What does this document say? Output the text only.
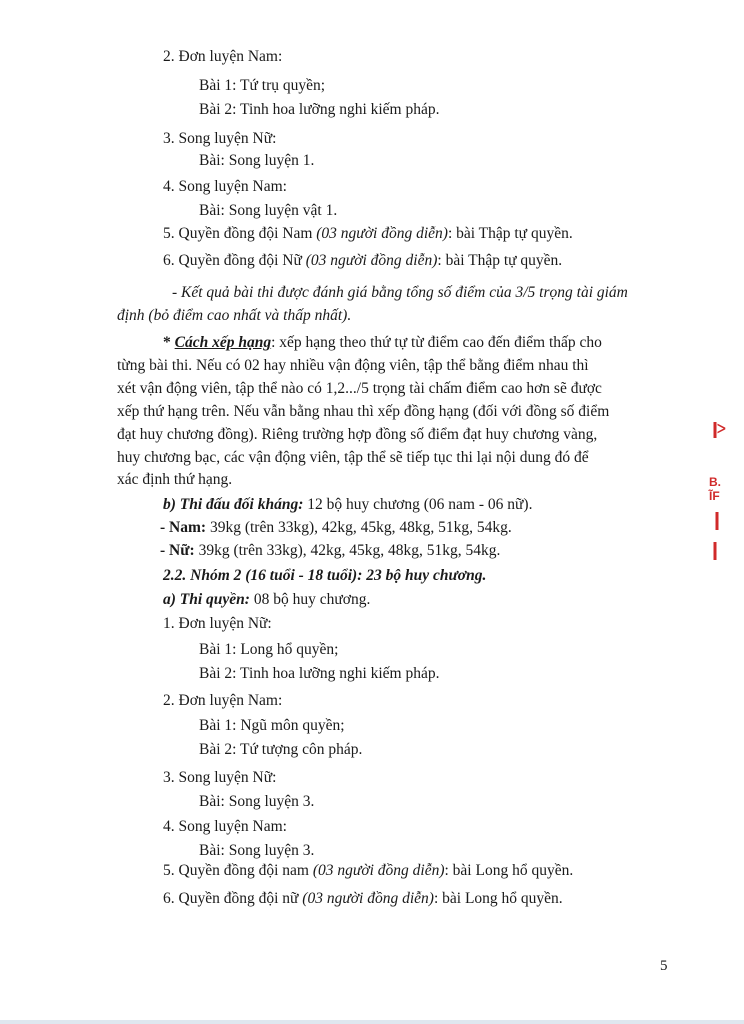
2. Đơn luyện Nam:
Bài 1: Tứ trụ quyền;
Bài 2: Tinh hoa lưỡng nghi kiếm pháp.
3. Song luyện Nữ:
Bài: Song luyện 1.
4. Song luyện Nam:
Bài: Song luyện vật 1.
5. Quyền đồng đội Nam (03 người đồng diễn): bài Thập tự quyền.
6. Quyền đồng đội Nữ (03 người đồng diễn): bài Thập tự quyền.
- Kết quả bài thi được đánh giá bằng tổng số điểm của 3/5 trọng tài giám
định (bỏ điểm cao nhất và thấp nhất).
* Cách xếp hạng: xếp hạng theo thứ tự từ điểm cao đến điểm thấp cho
từng bài thi. Nếu có 02 hay nhiều vận động viên, tập thể bằng điểm nhau thì
xét vận động viên, tập thể nào có 1,2.../5 trọng tài chấm điểm cao hơn sẽ được
xếp thứ hạng trên. Nếu vẫn bằng nhau thì xếp đồng hạng (đối với đồng số điểm
đạt huy chương đồng). Riêng trường hợp đồng số điểm đạt huy chương vàng,
huy chương bạc, các vận động viên, tập thể sẽ tiếp tục thi lại nội dung đó để
xác định thứ hạng.
b) Thi đấu đối kháng: 12 bộ huy chương (06 nam - 06 nữ).
- Nam: 39kg (trên 33kg), 42kg, 45kg, 48kg, 51kg, 54kg.
- Nữ: 39kg (trên 33kg), 42kg, 45kg, 48kg, 51kg, 54kg.
2.2. Nhóm 2 (16 tuổi - 18 tuổi): 23 bộ huy chương.
a) Thi quyền: 08 bộ huy chương.
1. Đơn luyện Nữ:
Bài 1: Long hổ quyền;
Bài 2: Tinh hoa lưỡng nghi kiếm pháp.
2. Đơn luyện Nam:
Bài 1: Ngũ môn quyền;
Bài 2: Tứ tượng côn pháp.
3. Song luyện Nữ:
Bài: Song luyện 3.
4. Song luyện Nam:
Bài: Song luyện 3.
5. Quyền đồng đội nam (03 người đồng diễn): bài Long hổ quyền.
6. Quyền đồng đội nữ (03 người đồng diễn): bài Long hổ quyền.
5
ᐳ
B.
ĨF
